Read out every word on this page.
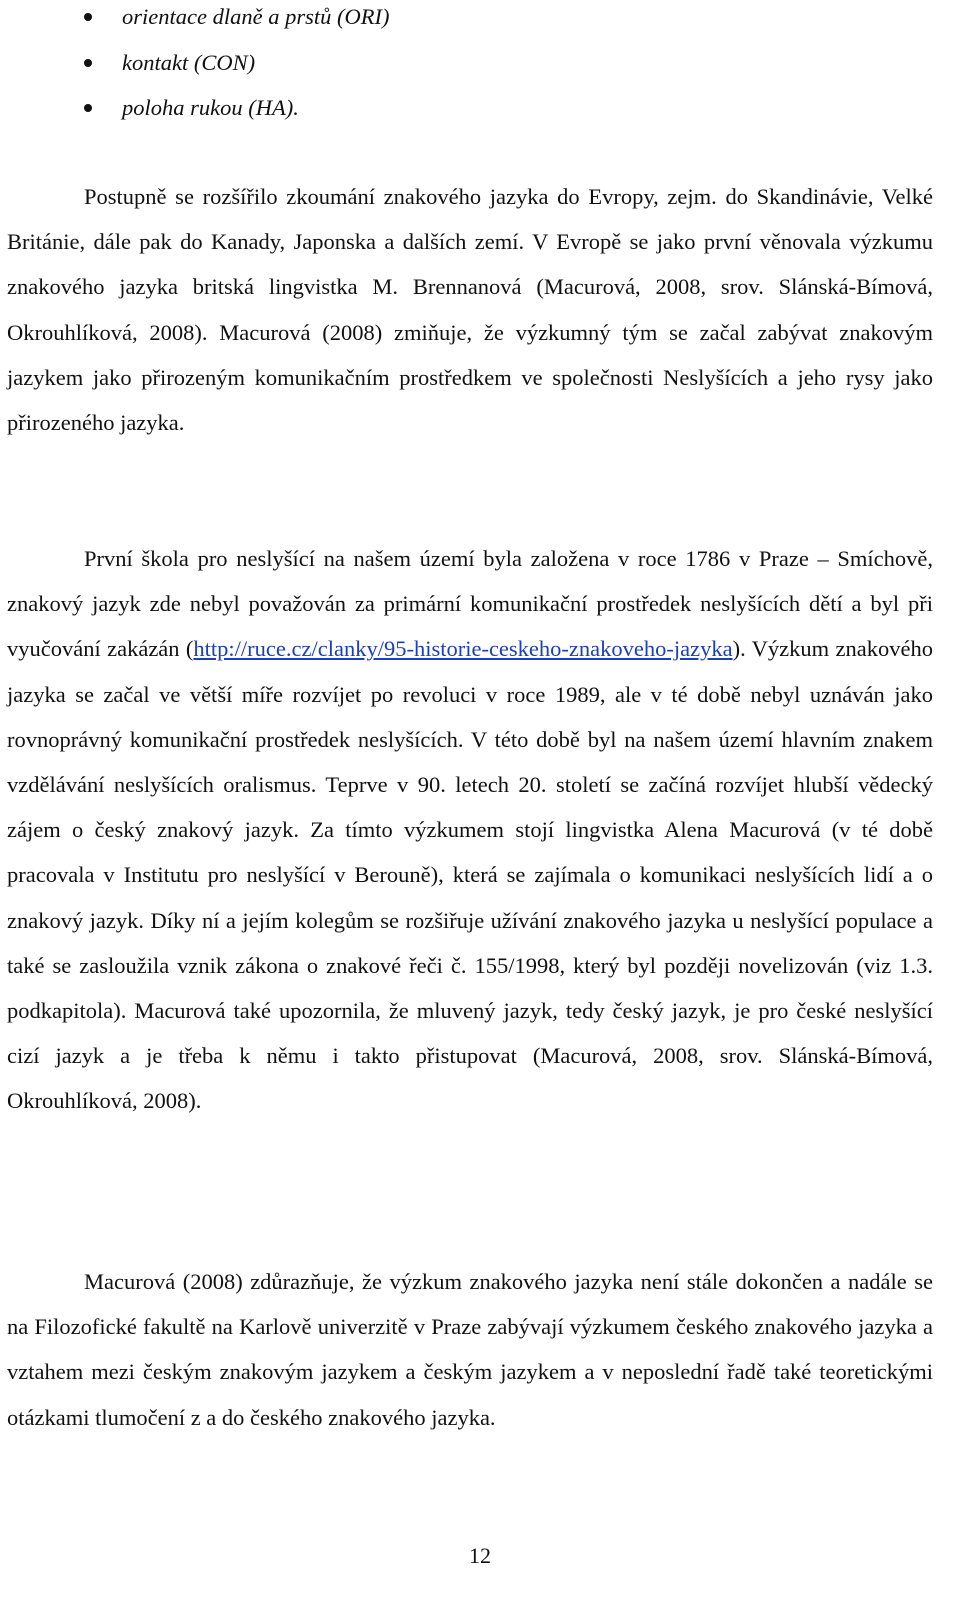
orientace dlaně a prstů (ORI)
kontakt (CON)
poloha rukou (HA).

Postupně se rozšířilo zkoumání znakového jazyka do Evropy, zejm. do Skandinávie, Velké Británie, dále pak do Kanady, Japonska a dalších zemí. V Evropě se jako první věnovala výzkumu znakového jazyka britská lingvistka M. Brennanová (Macurová, 2008, srov. Slánská-Bímová, Okrouhlíková, 2008). Macurová (2008) zmiňuje, že výzkumný tým se začal zabývat znakovým jazykem jako přirozeným komunikačním prostředkem ve společnosti Neslyšících a jeho rysy jako přirozeného jazyka.

První škola pro neslyšící na našem území byla založena v roce 1786 v Praze – Smíchově, znakový jazyk zde nebyl považován za primární komunikační prostředek neslyšících dětí a byl při vyučování zakázán (http://ruce.cz/clanky/95-historie-ceskeho-znakoveho-jazyka). Výzkum znakového jazyka se začal ve větší míře rozvíjet po revoluci v roce 1989, ale v té době nebyl uznáván jako rovnoprávný komunikační prostředek neslyšících. V této době byl na našem území hlavním znakem vzdělávání neslyšících oralismus. Teprve v 90. letech 20. století se začíná rozvíjet hlubší vědecký zájem o český znakový jazyk. Za tímto výzkumem stojí lingvistka Alena Macurová (v té době pracovala v Institutu pro neslyšící v Berouně), která se zajímala o komunikaci neslyšících lidí a o znakový jazyk. Díky ní a jejím kolegům se rozšiřuje užívání znakového jazyka u neslyšící populace a také se zasloužila vznik zákona o znakové řeči č. 155/1998, který byl později novelizován (viz 1.3. podkapitola). Macurová také upozornila, že mluvený jazyk, tedy český jazyk, je pro české neslyšící cizí jazyk a je třeba k němu i takto přistupovat (Macurová, 2008, srov. Slánská-Bímová, Okrouhlíková, 2008).

Macurová (2008) zdůrazňuje, že výzkum znakového jazyka není stále dokončen a nadále se na Filozofické fakultě na Karlově univerzitě v Praze zabývají výzkumem českého znakového jazyka a vztahem mezi českým znakovým jazykem a českým jazykem a v neposlední řadě také teoretickými otázkami tlumočení z a do českého znakového jazyka.

12
